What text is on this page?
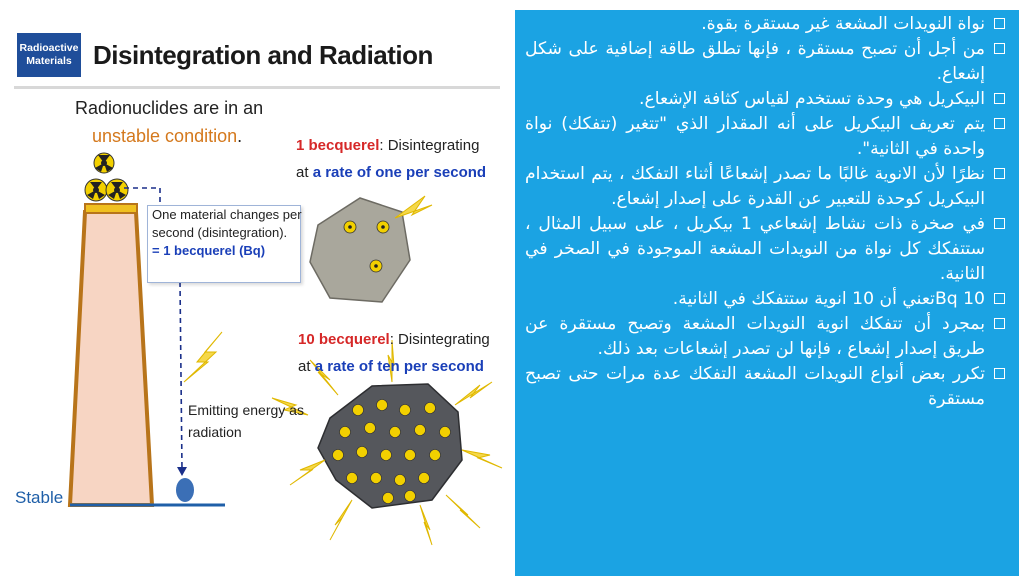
Radioactive Materials Disintegration and Radiation
Radionuclides are in an
unstable condition.
One material changes per
second (disintegration).
= 1 becquerel (Bq)
Emitting energy as
radiation
Stable
1 becquerel: Disintegrating
at a rate of one per second
10 becquerel: Disintegrating
at a rate of ten per second

نواة النويدات المشعة غير مستقرة بقوة.

من أجل أن تصبح مستقرة ، فإنها تطلق طاقة إضافية على شكل إشعاع.

البيكريل هي وحدة تستخدم لقياس كثافة الإشعاع.

يتم تعريف البيكريل على أنه المقدار الذي "تتغير (تتفكك) نواة واحدة في الثانية".

نظرًا لأن الانوية غالبًا ما تصدر إشعاعًا أثناء التفكك ، يتم استخدام البيكريل كوحدة للتعبير عن القدرة على إصدار إشعاع.

في صخرة ذات نشاط إشعاعي 1 بيكريل ، على سبيل المثال ، ستتفكك كل نواة من النويدات المشعة الموجودة في الصخر في الثانية.

10 Bqتعني أن 10 انوية ستتفكك في الثانية.

بمجرد أن تتفكك انوية النويدات المشعة وتصبح مستقرة عن طريق إصدار إشعاع ، فإنها لن تصدر إشعاعات بعد ذلك.

تكرر بعض أنواع النويدات المشعة التفكك عدة مرات حتى تصبح مستقرة
